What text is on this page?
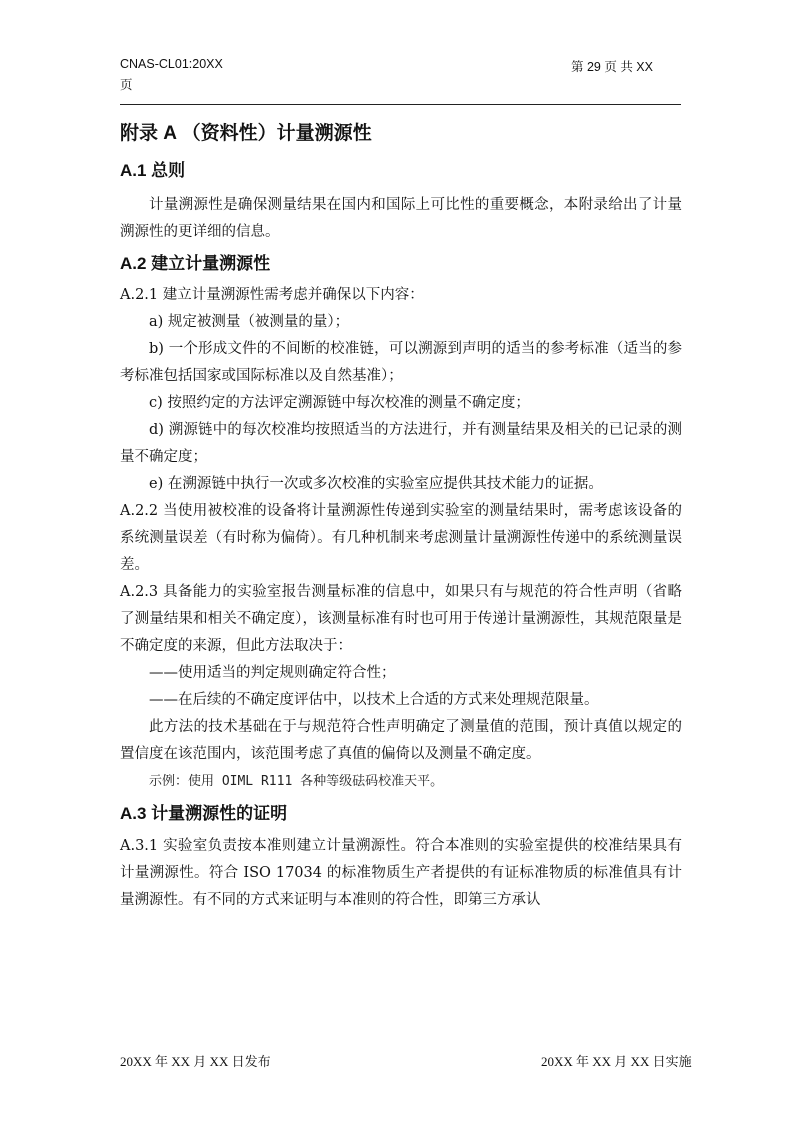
CNAS-CL01:20XX
页
第 29 页 共 XX
附录 A （资料性）计量溯源性
A.1 总则
计量溯源性是确保测量结果在国内和国际上可比性的重要概念，本附录给出了计量溯源性的更详细的信息。
A.2 建立计量溯源性
A.2.1 建立计量溯源性需考虑并确保以下内容：
a) 规定被测量（被测量的量）；
b) 一个形成文件的不间断的校准链，可以溯源到声明的适当的参考标准（适当的参考标准包括国家或国际标准以及自然基准）；
c) 按照约定的方法评定溯源链中每次校准的测量不确定度；
d) 溯源链中的每次校准均按照适当的方法进行，并有测量结果及相关的已记录的测量不确定度；
e) 在溯源链中执行一次或多次校准的实验室应提供其技术能力的证据。
A.2.2 当使用被校准的设备将计量溯源性传递到实验室的测量结果时，需考虑该设备的系统测量误差（有时称为偏倚）。有几种机制来考虑测量计量溯源性传递中的系统测量误差。
A.2.3 具备能力的实验室报告测量标准的信息中，如果只有与规范的符合性声明（省略了测量结果和相关不确定度），该测量标准有时也可用于传递计量溯源性，其规范限量是不确定度的来源，但此方法取决于：
——使用适当的判定规则确定符合性；
——在后续的不确定度评估中，以技术上合适的方式来处理规范限量。
此方法的技术基础在于与规范符合性声明确定了测量值的范围，预计真值以规定的置信度在该范围内，该范围考虑了真值的偏倚以及测量不确定度。
示例：使用 OIML R111 各种等级砝码校准天平。
A.3 计量溯源性的证明
A.3.1 实验室负责按本准则建立计量溯源性。符合本准则的实验室提供的校准结果具有计量溯源性。符合 ISO 17034 的标准物质生产者提供的有证标准物质的标准值具有计量溯源性。有不同的方式来证明与本准则的符合性，即第三方承认
20XX 年 XX 月 XX 日发布	20XX 年 XX 月 XX 日实施
